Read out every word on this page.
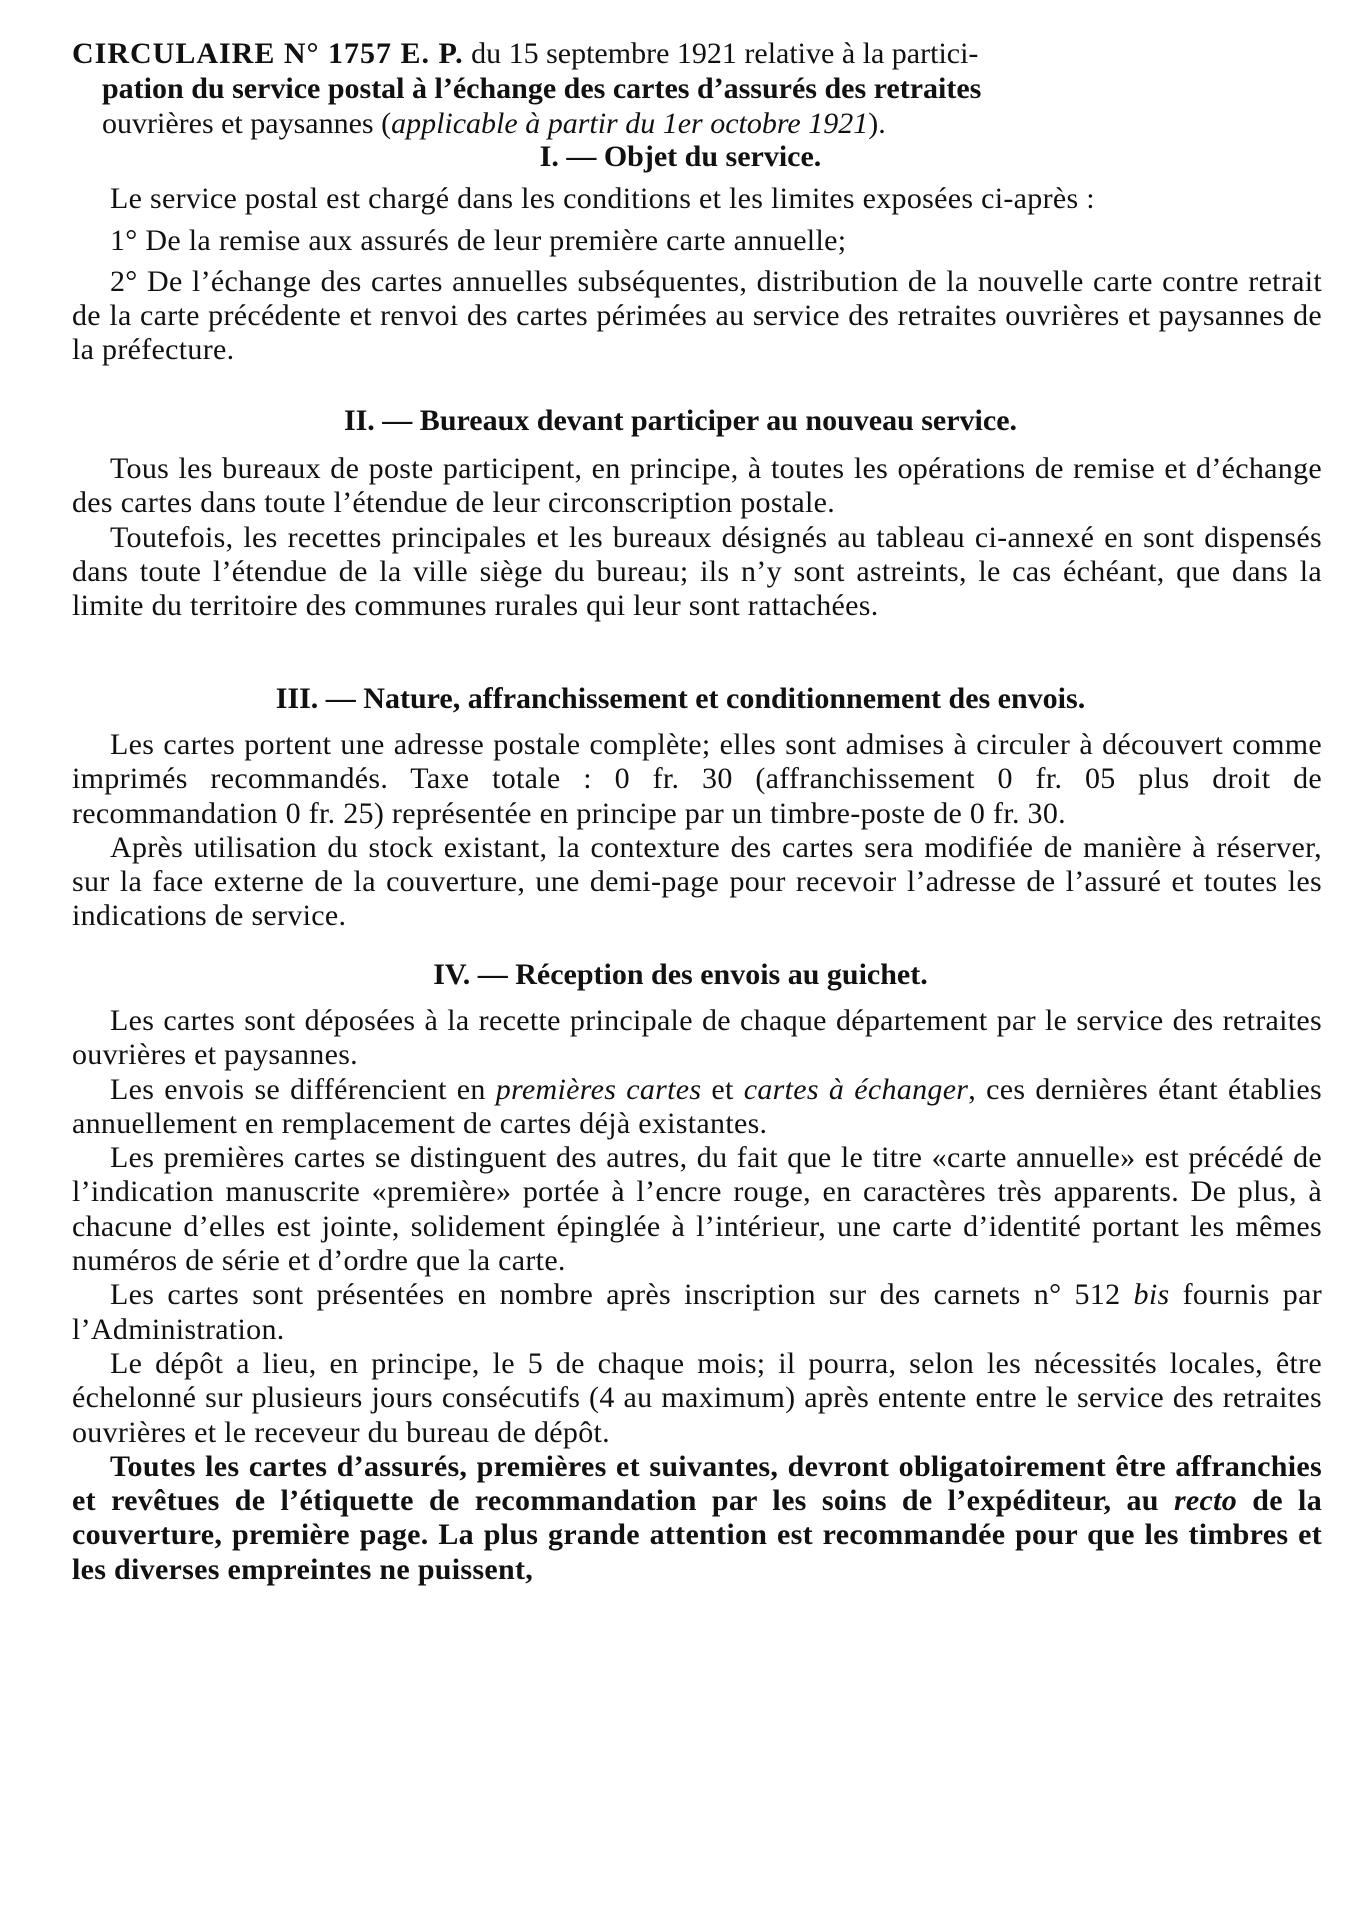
CIRCULAIRE N° 1757 E. P. du 15 septembre 1921 relative à la partici-
pation du service postal à l’échange des cartes d’assurés des retraites
ouvrières et paysannes (applicable à partir du 1er octobre 1921).
I. — Objet du service.
Le service postal est chargé dans les conditions et les limites exposées ci-après :
1° De la remise aux assurés de leur première carte annuelle;
2° De l’échange des cartes annuelles subséquentes, distribution de la nouvelle carte contre retrait de la carte précédente et renvoi des cartes périmées au service des retraites ouvrières et paysannes de la préfecture.
II. — Bureaux devant participer au nouveau service.
Tous les bureaux de poste participent, en principe, à toutes les opérations de remise et d’échange des cartes dans toute l’étendue de leur circonscription postale.
Toutefois, les recettes principales et les bureaux désignés au tableau ci-annexé en sont dispensés dans toute l’étendue de la ville siège du bureau; ils n’y sont astreints, le cas échéant, que dans la limite du territoire des communes rurales qui leur sont rattachées.
III. — Nature, affranchissement et conditionnement des envois.
Les cartes portent une adresse postale complète; elles sont admises à circuler à découvert comme imprimés recommandés. Taxe totale : 0 fr. 30 (affranchissement 0 fr. 05 plus droit de recommandation 0 fr. 25) représentée en principe par un timbre-poste de 0 fr. 30.
Après utilisation du stock existant, la contexture des cartes sera modifiée de manière à réserver, sur la face externe de la couverture, une demi-page pour recevoir l’adresse de l’assuré et toutes les indications de service.
IV. — Réception des envois au guichet.
Les cartes sont déposées à la recette principale de chaque département par le service des retraites ouvrières et paysannes.
Les envois se différencient en premières cartes et cartes à échanger, ces dernières étant établies annuellement en remplacement de cartes déjà existantes.
Les premières cartes se distinguent des autres, du fait que le titre «carte annuelle» est précédé de l’indication manuscrite «première» portée à l’encre rouge, en caractères très apparents. De plus, à chacune d’elles est jointe, solidement épinglée à l’intérieur, une carte d’identité portant les mêmes numéros de série et d’ordre que la carte.
Les cartes sont présentées en nombre après inscription sur des carnets n° 512 bis fournis par l’Administration.
Le dépôt a lieu, en principe, le 5 de chaque mois; il pourra, selon les nécessités locales, être échelonné sur plusieurs jours consécutifs (4 au maximum) après entente entre le service des retraites ouvrières et le receveur du bureau de dépôt.
Toutes les cartes d’assurés, premières et suivantes, devront obligatoirement être affranchies et revêtues de l’étiquette de recommandation par les soins de l’expéditeur, au recto de la couverture, première page. La plus grande attention est recommandée pour que les timbres et les diverses empreintes ne puissent,
